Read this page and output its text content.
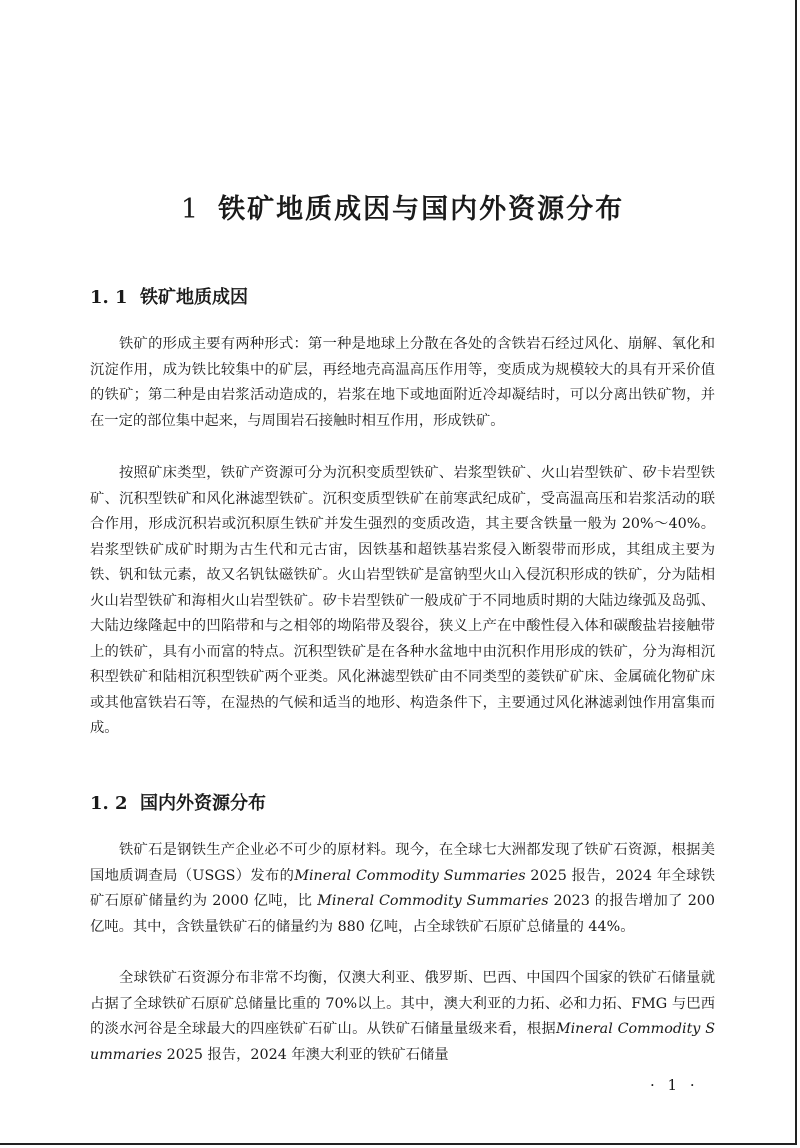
1 铁矿地质成因与国内外资源分布
1. 1 铁矿地质成因

铁矿的形成主要有两种形式：第一种是地球上分散在各处的含铁岩石经过风化、崩解、氧化和沉淀作用，成为铁比较集中的矿层，再经地壳高温高压作用等，变质成为规模较大的具有开采价值的铁矿；第二种是由岩浆活动造成的，岩浆在地下或地面附近冷却凝结时，可以分离出铁矿物，并在一定的部位集中起来，与周围岩石接触时相互作用，形成铁矿。

按照矿床类型，铁矿产资源可分为沉积变质型铁矿、岩浆型铁矿、火山岩型铁矿、矽卡岩型铁矿、沉积型铁矿和风化淋滤型铁矿。沉积变质型铁矿在前寒武纪成矿，受高温高压和岩浆活动的联合作用，形成沉积岩或沉积原生铁矿并发生强烈的变质改造，其主要含铁量一般为 20%～40%。岩浆型铁矿成矿时期为古生代和元古宙，因铁基和超铁基岩浆侵入断裂带而形成，其组成主要为铁、钒和钛元素，故又名钒钛磁铁矿。火山岩型铁矿是富钠型火山入侵沉积形成的铁矿，分为陆相火山岩型铁矿和海相火山岩型铁矿。矽卡岩型铁矿一般成矿于不同地质时期的大陆边缘弧及岛弧、大陆边缘隆起中的凹陷带和与之相邻的坳陷带及裂谷，狭义上产在中酸性侵入体和碳酸盐岩接触带上的铁矿，具有小而富的特点。沉积型铁矿是在各种水盆地中由沉积作用形成的铁矿，分为海相沉积型铁矿和陆相沉积型铁矿两个亚类。风化淋滤型铁矿由不同类型的菱铁矿矿床、金属硫化物矿床或其他富铁岩石等，在湿热的气候和适当的地形、构造条件下，主要通过风化淋滤剥蚀作用富集而成。

1. 2 国内外资源分布

铁矿石是钢铁生产企业必不可少的原材料。现今，在全球七大洲都发现了铁矿石资源，根据美国地质调查局（USGS）发布的Mineral Commodity Summaries 2025 报告，2024 年全球铁矿石原矿储量约为 2000 亿吨，比 Mineral Commodity Summaries 2023 的报告增加了 200 亿吨。其中，含铁量铁矿石的储量约为 880 亿吨，占全球铁矿石原矿总储量的 44%。

全球铁矿石资源分布非常不均衡，仅澳大利亚、俄罗斯、巴西、中国四个国家的铁矿石储量就占据了全球铁矿石原矿总储量比重的 70%以上。其中，澳大利亚的力拓、必和力拓、FMG 与巴西的淡水河谷是全球最大的四座铁矿石矿山。从铁矿石储量量级来看，根据Mineral Commodity Summaries 2025 报告，2024 年澳大利亚的铁矿石储量

· 1 ·
